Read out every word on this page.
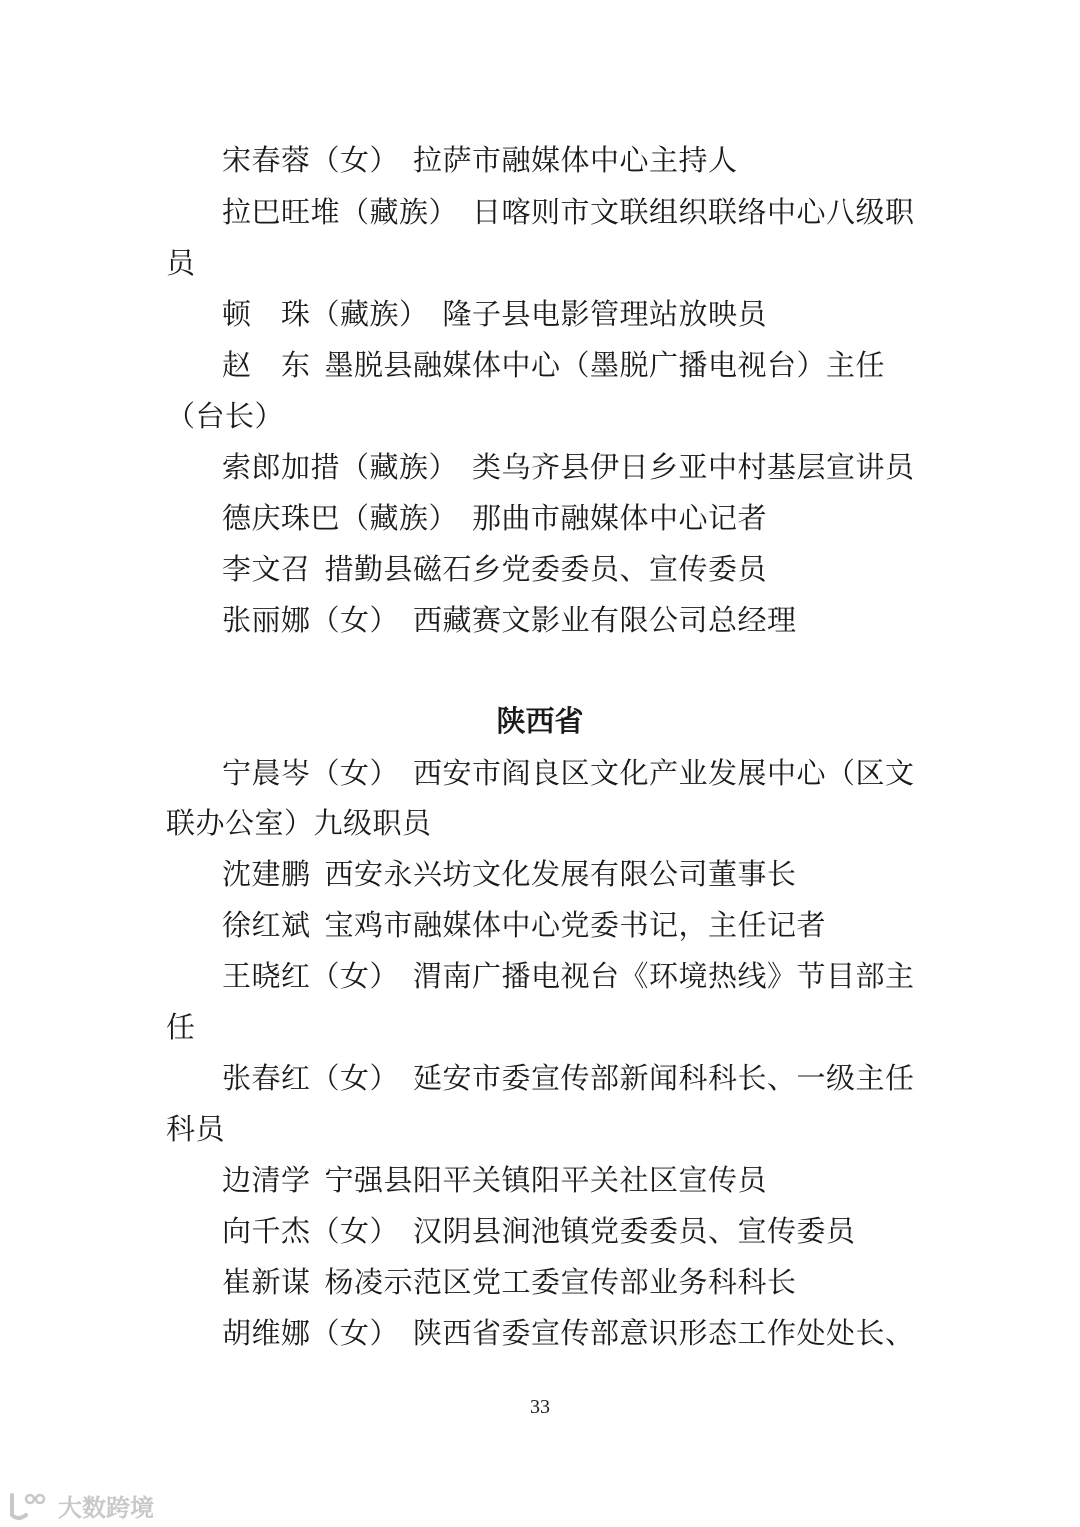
宋春蓉（女） 拉萨市融媒体中心主持人
拉巴旺堆（藏族） 日喀则市文联组织联络中心八级职
员
顿　珠（藏族） 隆子县电影管理站放映员
赵　东 墨脱县融媒体中心（墨脱广播电视台）主任
（台长）
索郎加措（藏族） 类乌齐县伊日乡亚中村基层宣讲员
德庆珠巴（藏族） 那曲市融媒体中心记者
李文召 措勤县磁石乡党委委员、宣传委员
张丽娜（女） 西藏赛文影业有限公司总经理
陕西省
宁晨岑（女） 西安市阎良区文化产业发展中心（区文
联办公室）九级职员
沈建鹏 西安永兴坊文化发展有限公司董事长
徐红斌 宝鸡市融媒体中心党委书记，主任记者
王晓红（女） 渭南广播电视台《环境热线》节目部主
任
张春红（女） 延安市委宣传部新闻科科长、一级主任
科员
边清学 宁强县阳平关镇阳平关社区宣传员
向千杰（女） 汉阴县涧池镇党委委员、宣传委员
崔新谋 杨凌示范区党工委宣传部业务科科长
胡维娜（女） 陕西省委宣传部意识形态工作处处长、
33
大数跨境
